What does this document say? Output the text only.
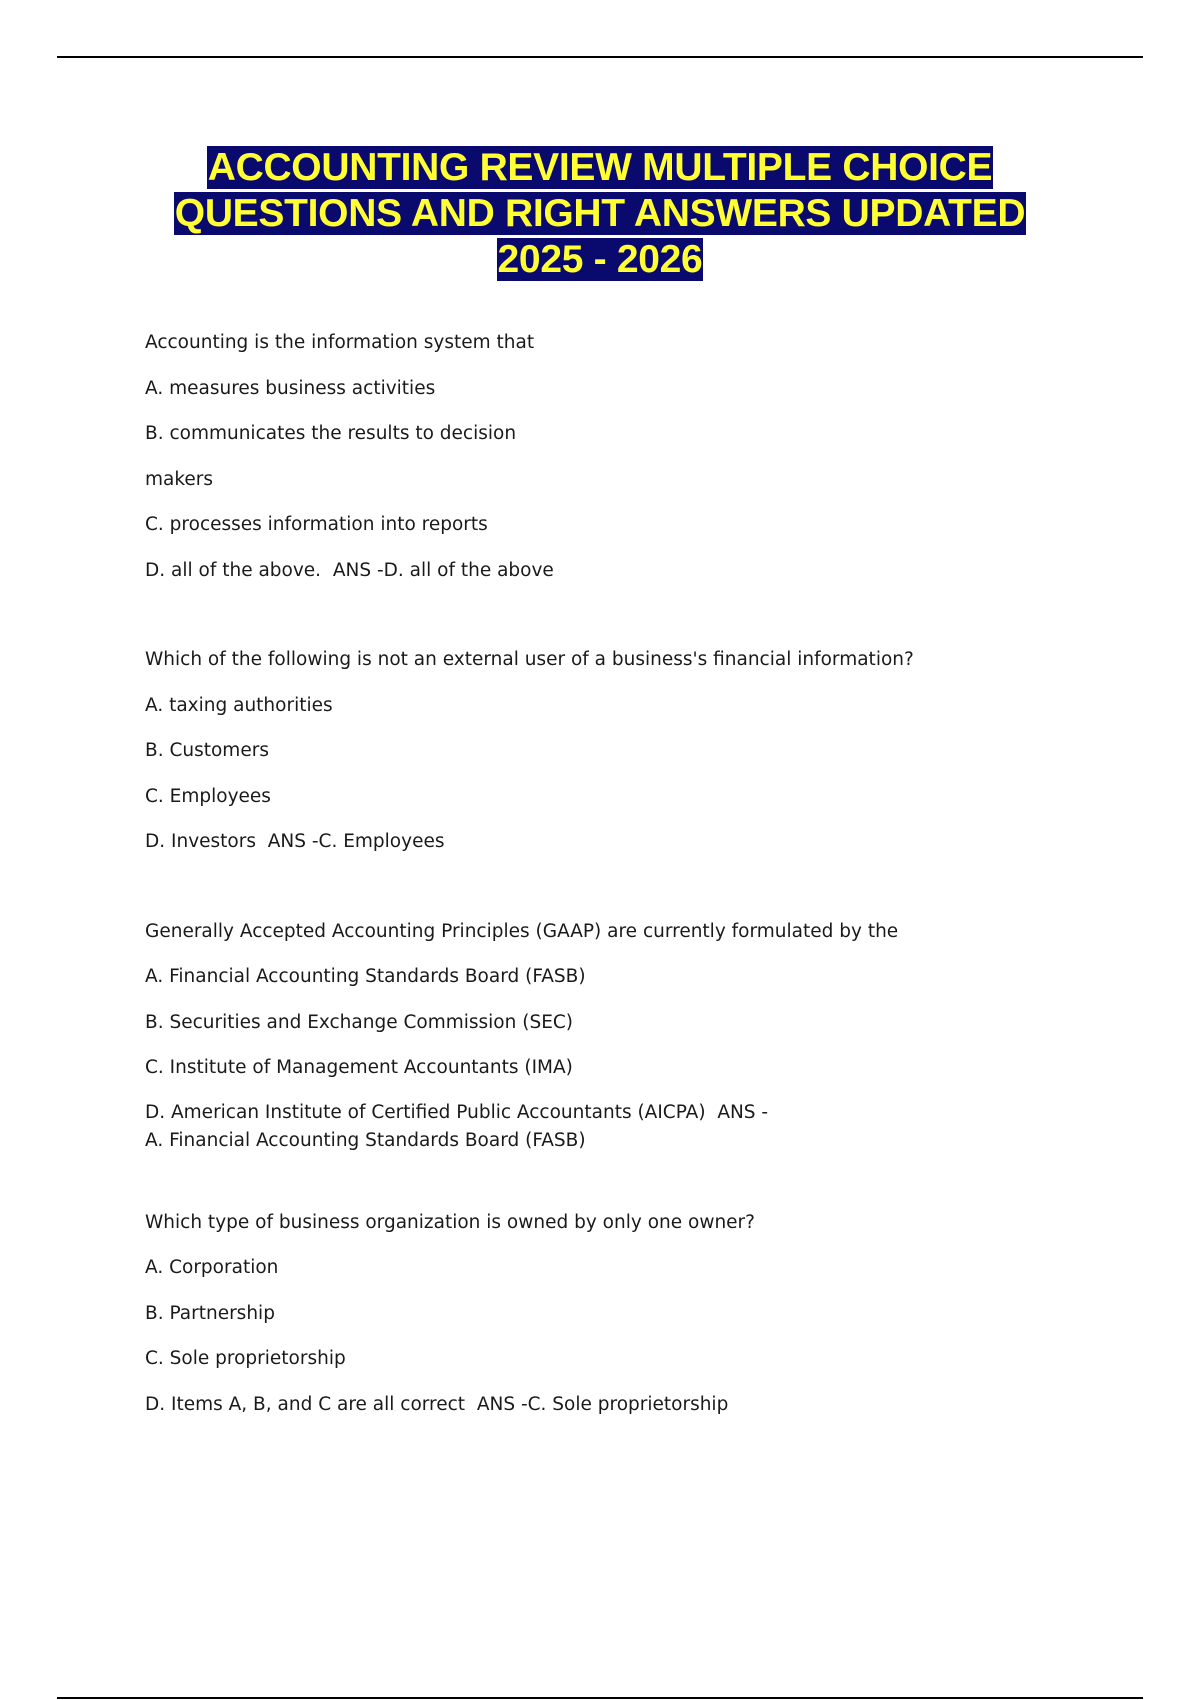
ACCOUNTING REVIEW MULTIPLE CHOICE
QUESTIONS AND RIGHT ANSWERS UPDATED
2025 - 2026
Accounting is the information system that
A. measures business activities
B. communicates the results to decision
makers
C. processes information into reports
D. all of the above.  ANS -D. all of the above
Which of the following is not an external user of a business's financial information?
A. taxing authorities
B. Customers
C. Employees
D. Investors  ANS -C. Employees
Generally Accepted Accounting Principles (GAAP) are currently formulated by the
A. Financial Accounting Standards Board (FASB)
B. Securities and Exchange Commission (SEC)
C. Institute of Management Accountants (IMA)
D. American Institute of Certified Public Accountants (AICPA)  ANS -
A. Financial Accounting Standards Board (FASB)
Which type of business organization is owned by only one owner?
A. Corporation
B. Partnership
C. Sole proprietorship
D. Items A, B, and C are all correct  ANS -C. Sole proprietorship
